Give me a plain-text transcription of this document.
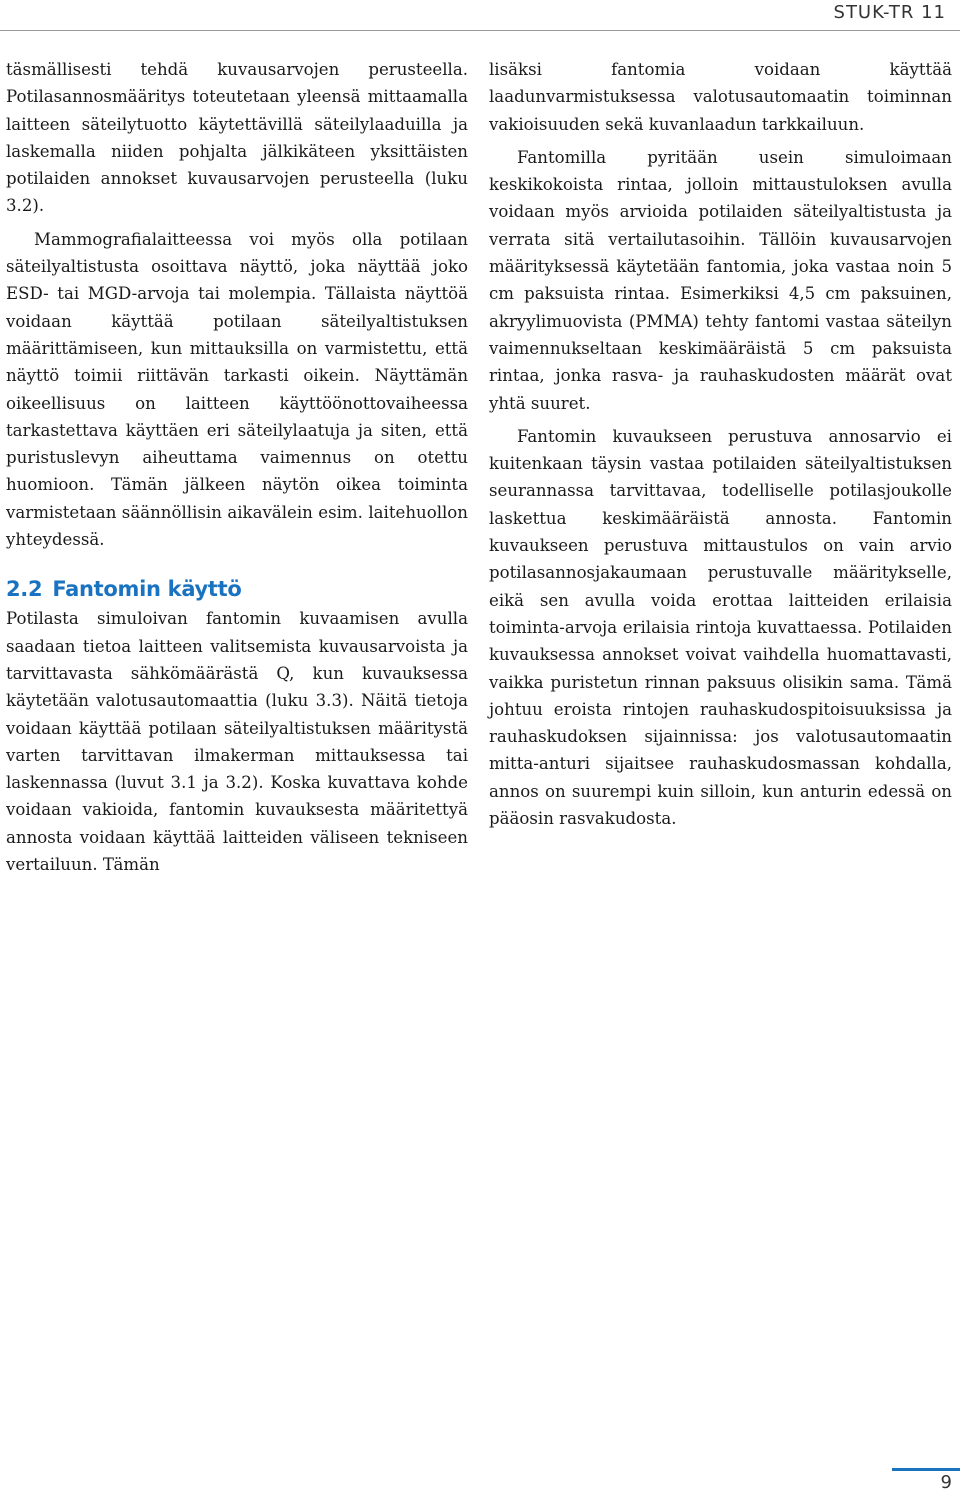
STUK-TR 11

täsmällisesti tehdä kuvausarvojen perusteella. Potilasannosmääritys toteutetaan yleensä mittaamalla laitteen säteilytuotto käytettävillä säteilylaaduilla ja laskemalla niiden pohjalta jälkikäteen yksittäisten potilaiden annokset kuvausarvojen perusteella (luku 3.2).

Mammografialaitteessa voi myös olla potilaan säteilyaltistusta osoittava näyttö, joka näyttää joko ESD- tai MGD-arvoja tai molempia. Tällaista näyttöä voidaan käyttää potilaan säteilyaltistuksen määrittämiseen, kun mittauksilla on varmistettu, että näyttö toimii riittävän tarkasti oikein. Näyttämän oikeellisuus on laitteen käyttöönottovaiheessa tarkastettava käyttäen eri säteilylaatuja ja siten, että puristuslevyn aiheuttama vaimennus on otettu huomioon. Tämän jälkeen näytön oikea toiminta varmistetaan säännöllisin aikavälein esim. laitehuollon yhteydessä.

2.2 Fantomin käyttö

Potilasta simuloivan fantomin kuvaamisen avulla saadaan tietoa laitteen valitsemista kuvausarvoista ja tarvittavasta sähkömäärästä Q, kun kuvauksessa käytetään valotusautomaattia (luku 3.3). Näitä tietoja voidaan käyttää potilaan säteilyaltistuksen määritystä varten tarvittavan ilmakerman mittauksessa tai laskennassa (luvut 3.1 ja 3.2). Koska kuvattava kohde voidaan vakioida, fantomin kuvauksesta määritettyä annosta voidaan käyttää laitteiden väliseen tekniseen vertailuun. Tämän

lisäksi fantomia voidaan käyttää laadunvarmistuksessa valotusautomaatin toiminnan vakioisuuden sekä kuvanlaadun tarkkailuun.

Fantomilla pyritään usein simuloimaan keskikokoista rintaa, jolloin mittaustuloksen avulla voidaan myös arvioida potilaiden säteilyaltistusta ja verrata sitä vertailutasoihin. Tällöin kuvausarvojen määrityksessä käytetään fantomia, joka vastaa noin 5 cm paksuista rintaa. Esimerkiksi 4,5 cm paksuinen, akryylimuovista (PMMA) tehty fantomi vastaa säteilyn vaimennukseltaan keskimääräistä 5 cm paksuista rintaa, jonka rasva- ja rauhaskudosten määrät ovat yhtä suuret.

Fantomin kuvaukseen perustuva annosarvio ei kuitenkaan täysin vastaa potilaiden säteilyaltistuksen seurannassa tarvittavaa, todelliselle potilasjoukolle laskettua keskimääräistä annosta. Fantomin kuvaukseen perustuva mittaustulos on vain arvio potilasannosjakaumaan perustuvalle määritykselle, eikä sen avulla voida erottaa laitteiden erilaisia toiminta-arvoja erilaisia rintoja kuvattaessa. Potilaiden kuvauksessa annokset voivat vaihdella huomattavasti, vaikka puristetun rinnan paksuus olisikin sama. Tämä johtuu eroista rintojen rauhaskudospitoisuuksissa ja rauhaskudoksen sijainnissa: jos valotusautomaatin mitta-anturi sijaitsee rauhaskudosmassan kohdalla, annos on suurempi kuin silloin, kun anturin edessä on pääosin rasvakudosta.

9
